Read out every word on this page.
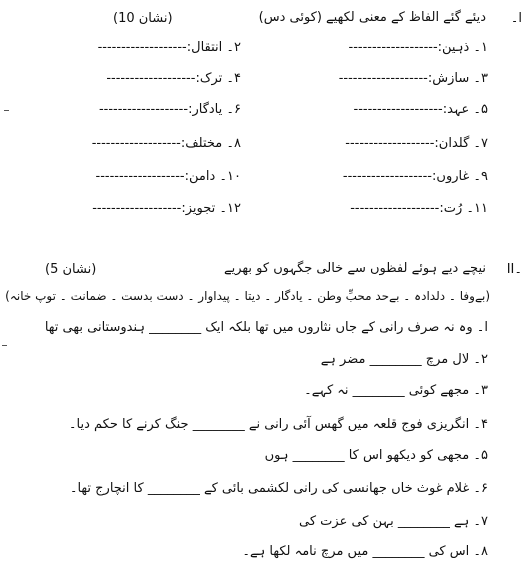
ا۔
دیئے گئے الفاظ کے معنی لکھیے (کوئی دس)
(10 نشان)
۱۔ ذہین:-------------------
۲۔ انتقال:-------------------
۳۔ سازش:-------------------
۴۔ ترک:-------------------
۵۔ عہد:-------------------
۶۔ یادگار:-------------------
۷۔ گلدان:-------------------
۸۔ مختلف:-------------------
۹۔ غاروں:-------------------
۱۰۔ دامن:-------------------
۱۱۔ رُت:-------------------
۱۲۔ تجویز:-------------------
II۔
نیچے دیے ہوئے لفظوں سے خالی جگہوں کو بھریے
(5 نشان)
(بےوفا ۔ دلدادہ ۔ بےحد محبِّ وطن ۔ یادگار ۔ دیتا ۔ پیداوار ۔ دست بدست ۔ ضمانت ۔ توپ خانہ)
ا۔ وہ نہ صرف رانی کے جاں نثاروں میں تھا بلکہ ایک ________ ہندوستانی بھی تھا
۲۔ لال مرچ ________ مضر ہے
۳۔ مجھے کوئی ________ نہ کہے۔
۴۔ انگریزی فوج قلعہ میں گھس آئی رانی نے ________ جنگ کرنے کا حکم دیا۔
۵۔ مجھی کو دیکھو اس کا ________ ہوں
۶۔ غلام غوث خاں جھانسی کی رانی لکشمی بائی کے ________ کا انچارج تھا۔
۷۔ ہے ________ بہن کی عزت کی
۸۔ اس کی ________ میں مرچ نامہ لکھا ہے۔
